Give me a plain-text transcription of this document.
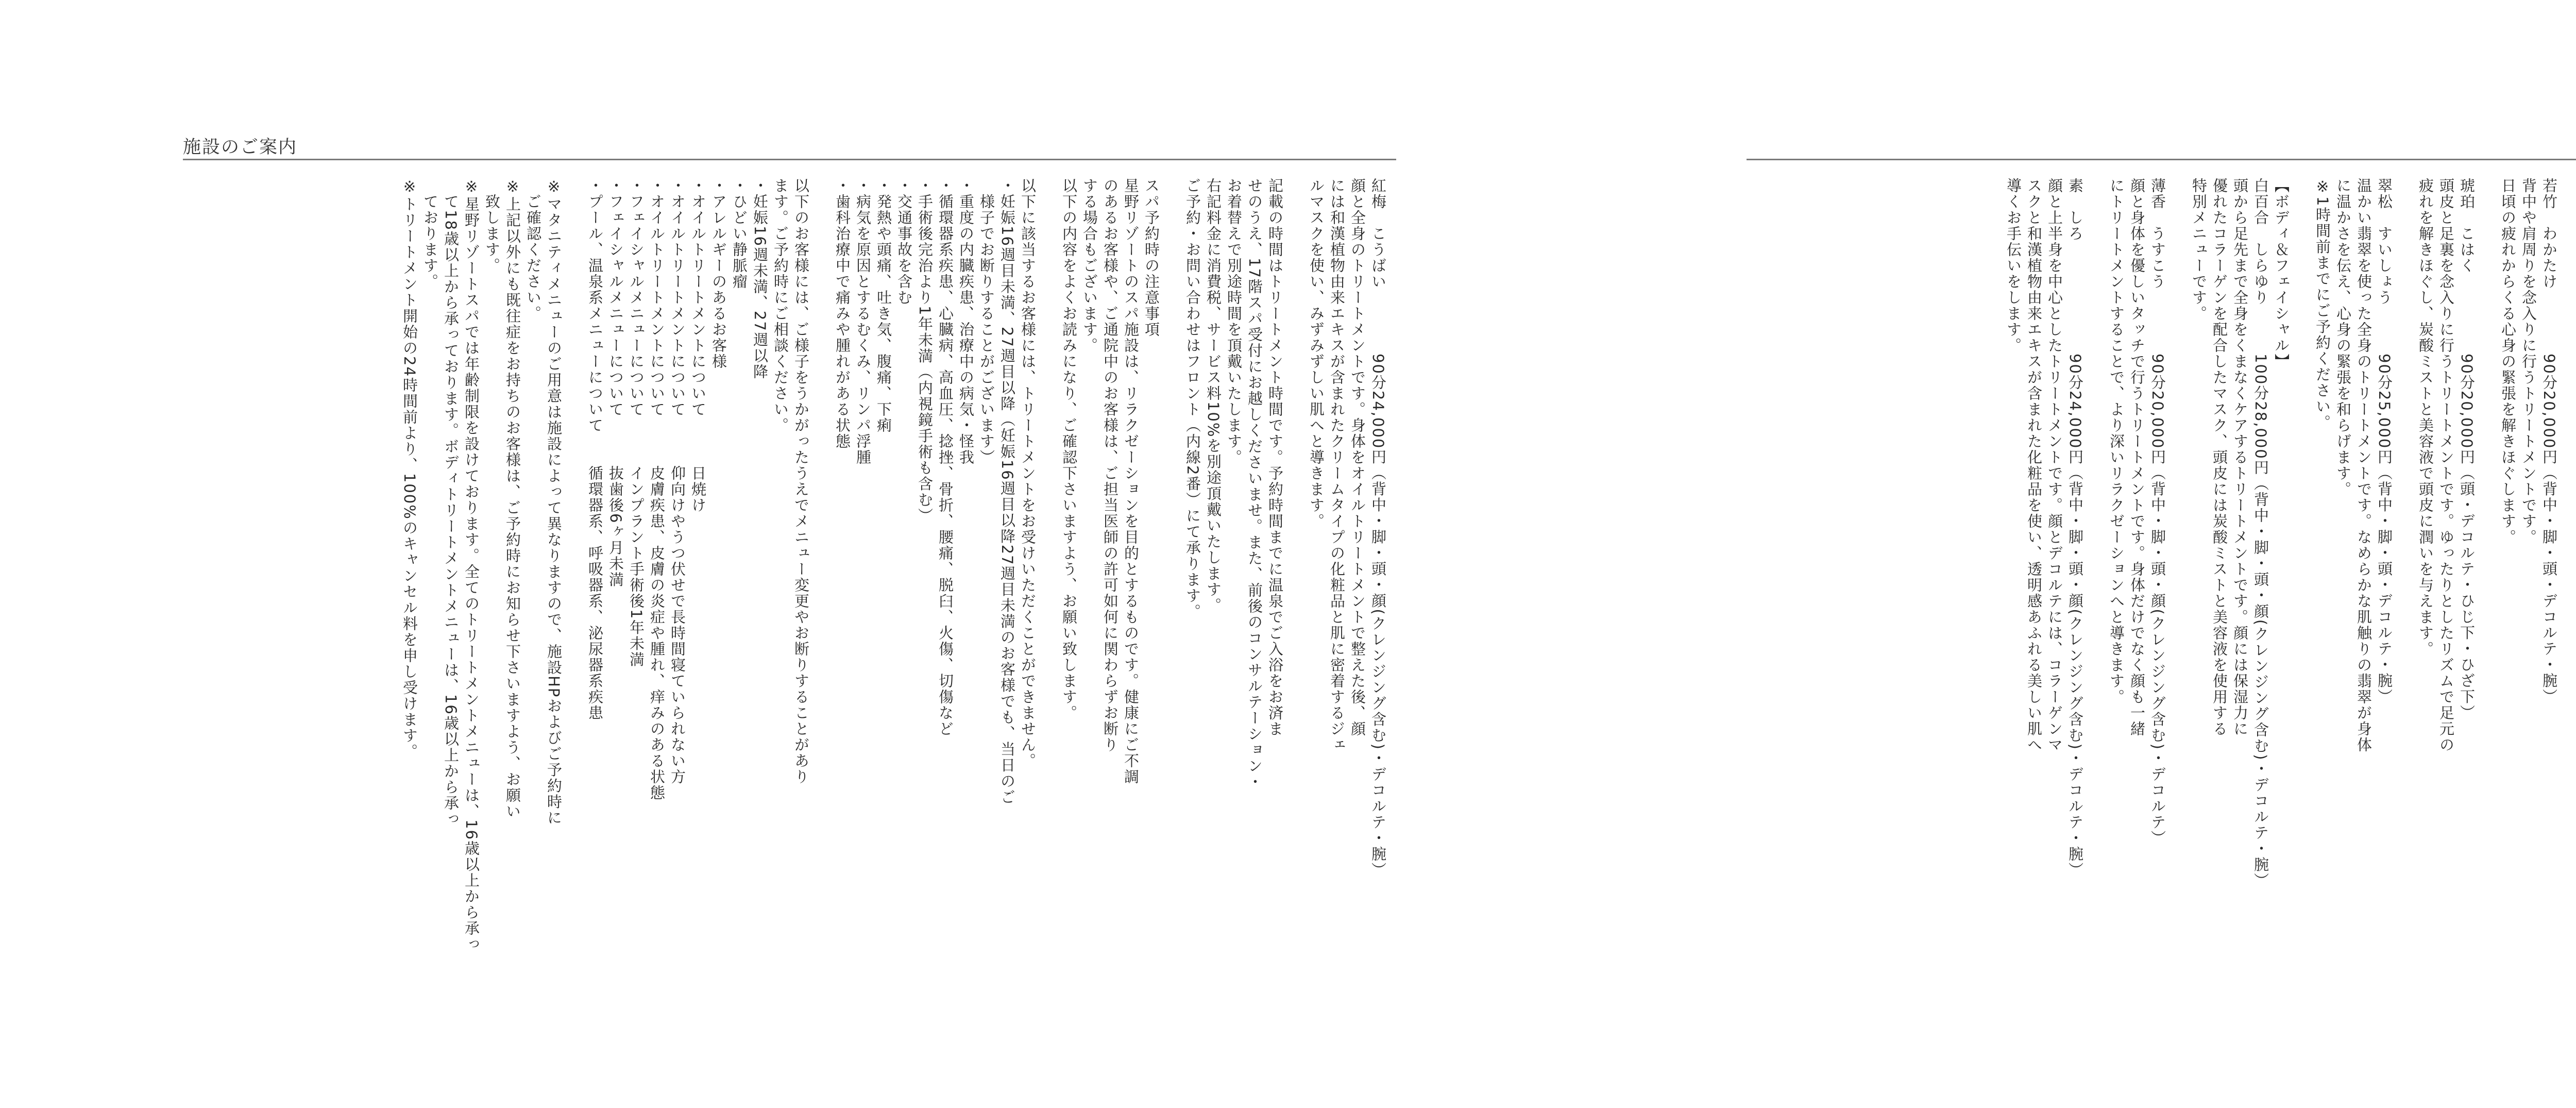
施設のご案内

若竹　わかたけ　　　　90分20,000円（背中・脚・頭・デコルテ・腕）
背中や肩周りを念入りに行うトリートメントです。
日頃の疲れからくる心身の緊張を解きほぐします。

琥珀　こはく　　　　　90分20,000円（頭・デコルテ・ひじ下・ひざ下）
頭皮と足裏を念入りに行うトリートメントです。ゆったりとしたリズムで足元の
疲れを解きほぐし、炭酸ミストと美容液で頭皮に潤いを与えます。

翠松　すいしょう　　　90分25,000円（背中・脚・頭・デコルテ・腕）
温かい翡翠を使った全身のトリートメントです。なめらかな肌触りの翡翠が身体
に温かさを伝え、心身の緊張を和らげます。
※1時間前までにご予約ください。

【ボディ＆フェイシャル】
白百合　しらゆり　　　100分28,000円（背中・脚・頭・顔(クレンジング含む)・デコルテ・腕）
頭から足先まで全身をくまなくケアするトリートメントです。顔には保湿力に
優れたコラーゲンを配合したマスク、頭皮には炭酸ミストと美容液を使用する
特別メニューです。

薄香　うすこう　　　　90分20,000円（背中・脚・頭・顔(クレンジング含む)・デコルテ）
顔と身体を優しいタッチで行うトリートメントです。身体だけでなく顔も一緒
にトリートメントすることで、より深いリラクゼーションへと導きます。

素　しろ　　　　　　　90分24,000円（背中・脚・頭・顔(クレンジング含む)・デコルテ・腕）
顔と上半身を中心としたトリートメントです。顔とデコルテには、コラーゲンマ
スクと和漢植物由来エキスが含まれた化粧品を使い、透明感あふれる美しい肌へ
導くお手伝いをします。
紅梅　こうばい　　　　90分24,000円（背中・脚・頭・顔(クレンジング含む)・デコルテ・腕）
顔と全身のトリートメントです。身体をオイルトリートメントで整えた後、顔
には和漢植物由来エキスが含まれたクリームタイプの化粧品と肌に密着するジェ
ルマスクを使い、みずみずしい肌へと導きます。

記載の時間はトリートメント時間です。予約時間までに温泉でご入浴をお済ま
せのうえ、17階スパ受付にお越しくださいませ。また、前後のコンサルテーション・
お着替えで別途時間を頂戴いたします。
右記料金に消費税、サービス料10%を別途頂戴いたします。
ご予約・お問い合わせはフロント（内線2番）にて承ります。

スパ予約時の注意事項
星野リゾートのスパ施設は、リラクゼーションを目的とするものです。健康にご不調
のあるお客様や、ご通院中のお客様は、ご担当医師の許可如何に関わらずお断り
する場合もございます。
以下の内容をよくお読みになり、ご確認下さいますよう、お願い致します。

以下に該当するお客様には、トリートメントをお受けいただくことができません。
・妊娠16週目未満、27週目以降（妊娠16週目以降27週目未満のお客様でも、当日のご
　様子でお断りすることがございます）
・重度の内臓疾患、治療中の病気・怪我
・循環器系疾患、心臓病、高血圧、捻挫、骨折、腰痛、脱臼、火傷、切傷など
・手術後完治より1年未満（内視鏡手術も含む）
・交通事故を含む
・発熱や頭痛、吐き気、腹痛、下痢
・病気を原因とするむくみ、リンパ浮腫
・歯科治療中で痛みや腫れがある状態

以下のお客様には、ご様子をうかがったうえでメニュー変更やお断りすることがあり
ます。ご予約時にご相談ください。
・妊娠16週未満、27週以降
・ひどい静脈瘤
・アレルギーのあるお客様
・オイルトリートメントについて　　　日焼け
・オイルトリートメントについて　　　仰向けやうつ伏せで長時間寝ていられない方
・オイルトリートメントについて　　　皮膚疾患、皮膚の炎症や腫れ、痒みのある状態
・フェイシャルメニューについて　　　インプラント手術後1年未満
・フェイシャルメニューについて　　　抜歯後6ヶ月未満
・プール、温泉系メニューについて　　循環器系、呼吸器系、泌尿器系疾患

※マタニティメニューのご用意は施設によって異なりますので、施設HPおよびご予約時に
　ご確認ください。
※上記以外にも既往症をお持ちのお客様は、ご予約時にお知らせ下さいますよう、お願い
　致します。
※星野リゾートスパでは年齢制限を設けております。全てのトリートメントメニューは、16歳以上から承っ
　て18歳以上から承っております。ボディトリートメントメニューは、16歳以上から承っ
　ております。
※トリートメント開始の24時間前より、100%のキャンセル料を申し受けます。
